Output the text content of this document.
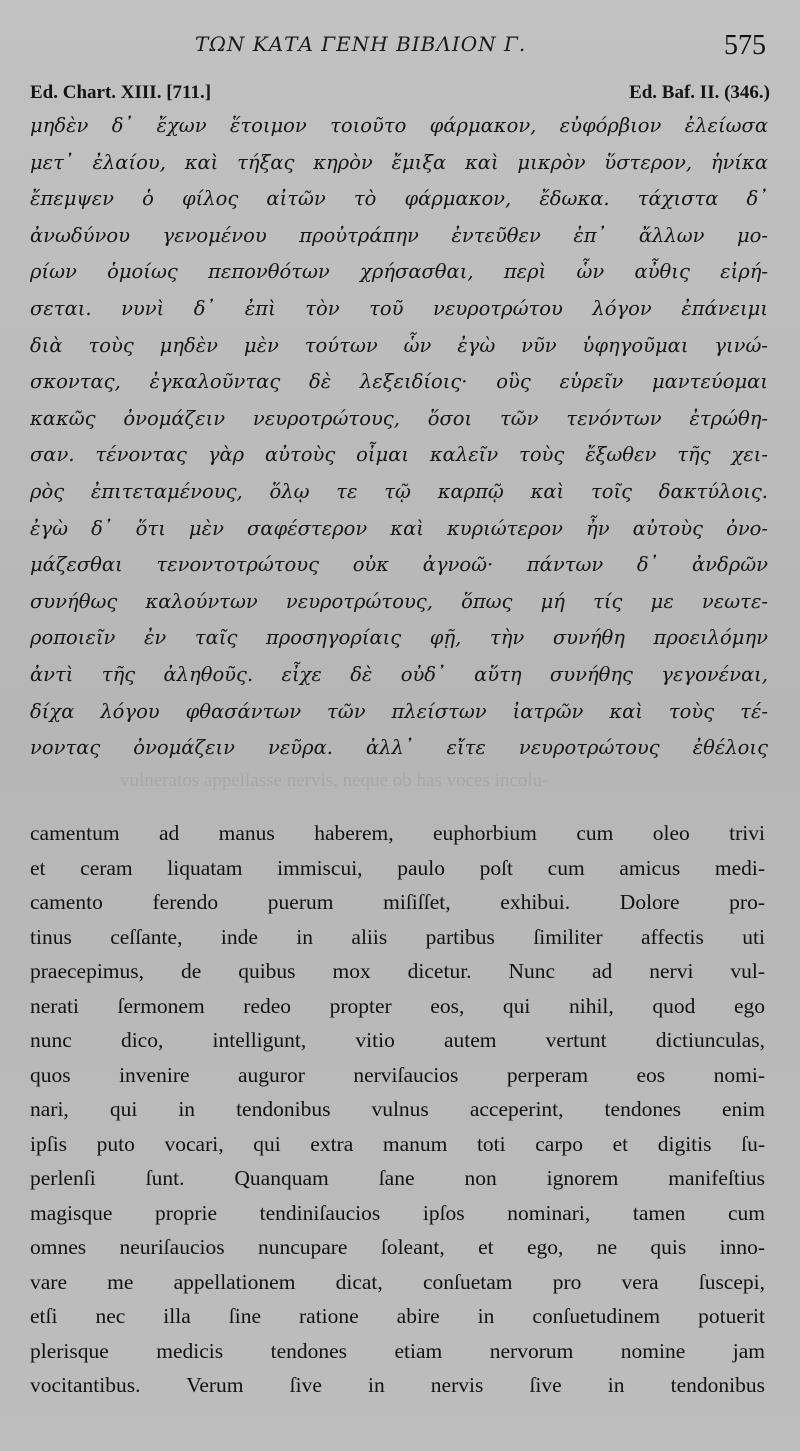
ΤΩΝ ΚΑΤΑ ΓΕΝΗ ΒΙΒΛΙΟΝ Γ.	575
Ed. Chart. XIII. [711.]	Ed. Baf. II. (346.)
μηδὲν δ᾽ ἔχων ἕτοιμον τοιοῦτο φάρμακον, εὐφόρβιον ἐλείωσα
μετ᾽ ἐλαίου, καὶ τήξας κηρὸν ἔμιξα καὶ μικρὸν ὕστερον, ἡνίκα
ἔπεμψεν ὁ φίλος αἰτῶν τὸ φάρμακον, ἔδωκα. τάχιστα δ᾽
ἀνωδύνου γενομένου προὐτράπην ἐντεῦθεν ἐπ᾽ ἄλλων μο-
ρίων ὁμοίως πεπονθότων χρήσασθαι, περὶ ὧν αὖθις εἰρή-
σεται. νυνὶ δ᾽ ἐπὶ τὸν τοῦ νευροτρώτου λόγον ἐπάνειμι
διὰ τοὺς μηδὲν μὲν τούτων ὧν ἐγὼ νῦν ὑφηγοῦμαι γινώ-
σκοντας, ἐγκαλοῦντας δὲ λεξειδίοις· οὓς εὑρεῖν μαντεύομαι
κακῶς ὀνομάζειν νευροτρώτους, ὅσοι τῶν τενόντων ἐτρώθη-
σαν. τένοντας γὰρ αὐτοὺς οἶμαι καλεῖν τοὺς ἔξωθεν τῆς χει-
ρὸς ἐπιτεταμένους, ὅλῳ τε τῷ καρπῷ καὶ τοῖς δακτύλοις.
ἐγὼ δ᾽ ὅτι μὲν σαφέστερον καὶ κυριώτερον ἦν αὐτοὺς ὀνο-
μάζεσθαι τενοντοτρώτους οὐκ ἀγνοῶ· πάντων δ᾽ ἀνδρῶν
συνήθως καλούντων νευροτρώτους, ὅπως μή τίς με νεωτε-
ροποιεῖν ἐν ταῖς προσηγορίαις φῇ, τὴν συνήθη προειλόμην
ἀντὶ τῆς ἀληθοῦς. εἶχε δὲ οὐδ᾽ αὕτη συνήθης γεγονέναι,
δίχα λόγου φθασάντων τῶν πλείστων ἰατρῶν καὶ τοὺς τέ-
νοντας ὀνομάζειν νεῦρα. ἀλλ᾽ εἴτε νευροτρώτους ἐθέλοις
vulneratos appellasse nervis, neque ob has voces incolu-
camentum ad manus haberem, euphorbium cum oleo trivi
et ceram liquatam immiscui, paulo poſt cum amicus medi-
camento ferendo puerum miſiſſet, exhibui. Dolore pro-
tinus ceſſante, inde in aliis partibus ſimiliter affectis uti
praecepimus, de quibus mox dicetur. Nunc ad nervi vul-
nerati ſermonem redeo propter eos, qui nihil, quod ego
nunc dico, intelligunt, vitio autem vertunt dictiunculas,
quos invenire auguror nerviſaucios perperam eos nomi-
nari, qui in tendonibus vulnus acceperint, tendones enim
ipſis puto vocari, qui extra manum toti carpo et digitis ſu-
perlenſi ſunt. Quanquam ſane non ignorem manifeſtius
magisque proprie tendiniſaucios ipſos nominari, tamen cum
omnes neuriſaucios nuncupare ſoleant, et ego, ne quis inno-
vare me appellationem dicat, conſuetam pro vera ſuscepi,
etſi nec illa ſine ratione abire in conſuetudinem potuerit
plerisque medicis tendones etiam nervorum nomine jam
vocitantibus. Verum ſive in nervis ſive in tendonibus
